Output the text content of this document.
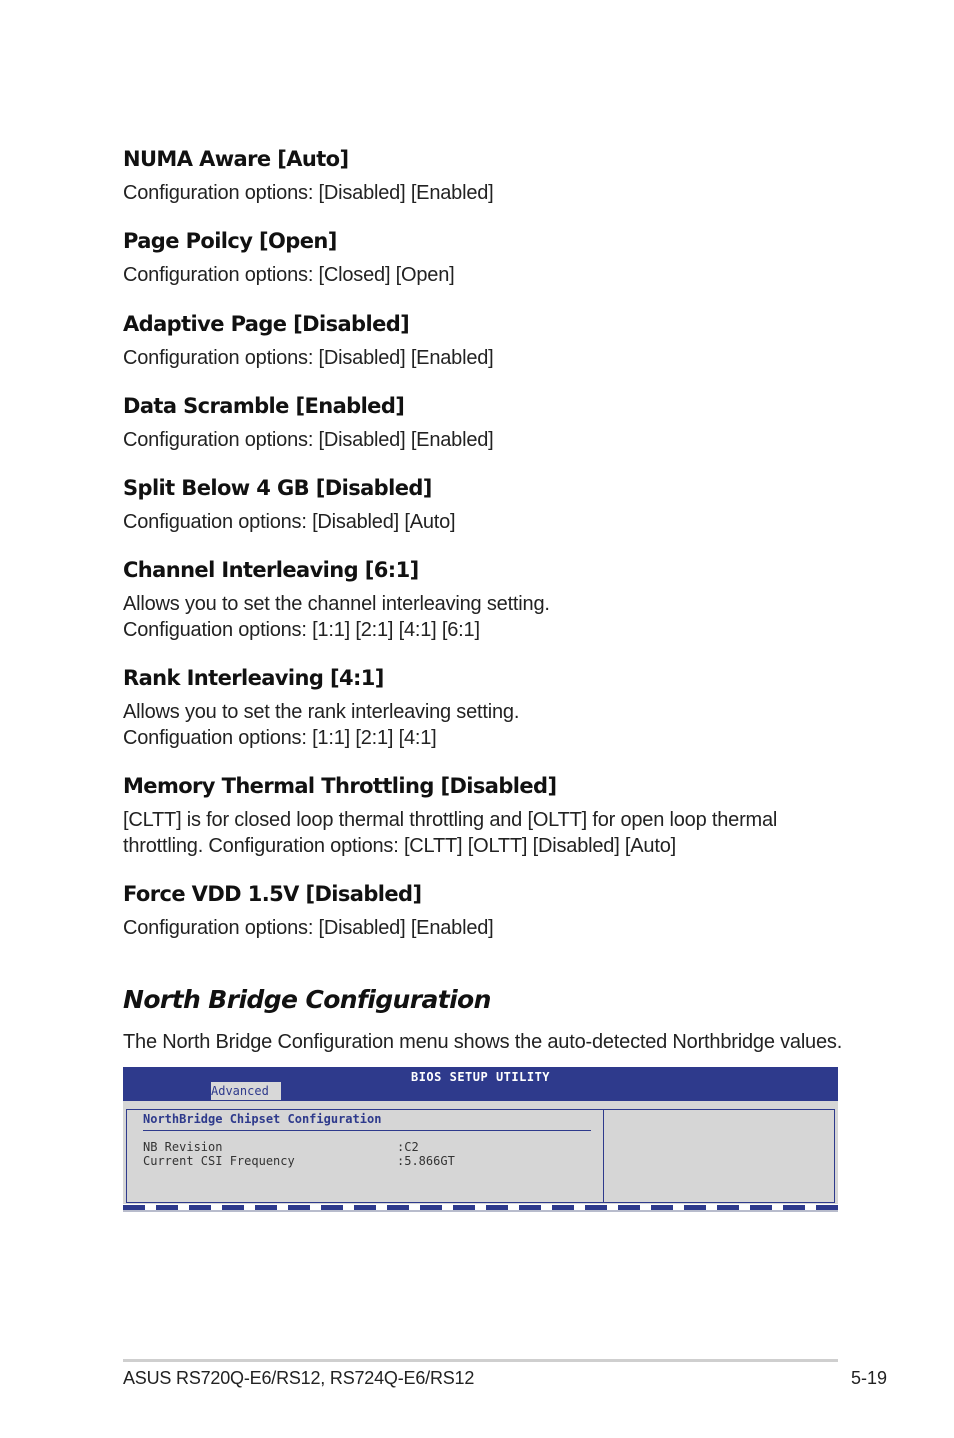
NUMA Aware [Auto]
Configuration options: [Disabled] [Enabled]
Page Poilcy [Open]
Configuration options: [Closed] [Open]
Adaptive Page [Disabled]
Configuration options: [Disabled] [Enabled]
Data Scramble [Enabled]
Configuration options: [Disabled] [Enabled]
Split Below 4 GB [Disabled]
Configuation options: [Disabled] [Auto]
Channel Interleaving [6:1]
Allows you to set the channel interleaving setting.
Configuation options: [1:1] [2:1] [4:1] [6:1]
Rank Interleaving [4:1]
Allows you to set the rank interleaving setting.
Configuation options: [1:1] [2:1] [4:1]
Memory Thermal Throttling [Disabled]
[CLTT] is for closed loop thermal throttling and [OLTT] for open loop thermal
throttling. Configuration options: [CLTT] [OLTT] [Disabled] [Auto]
Force VDD 1.5V [Disabled]
Configuration options: [Disabled] [Enabled]
North Bridge Configuration
The North Bridge Configuration menu shows the auto-detected Northbridge values.
BIOS SETUP UTILITY
Advanced
NorthBridge Chipset Configuration
NB Revision	:C2
Current CSI Frequency	:5.866GT
ASUS RS720Q-E6/RS12, RS724Q-E6/RS12	5-19
